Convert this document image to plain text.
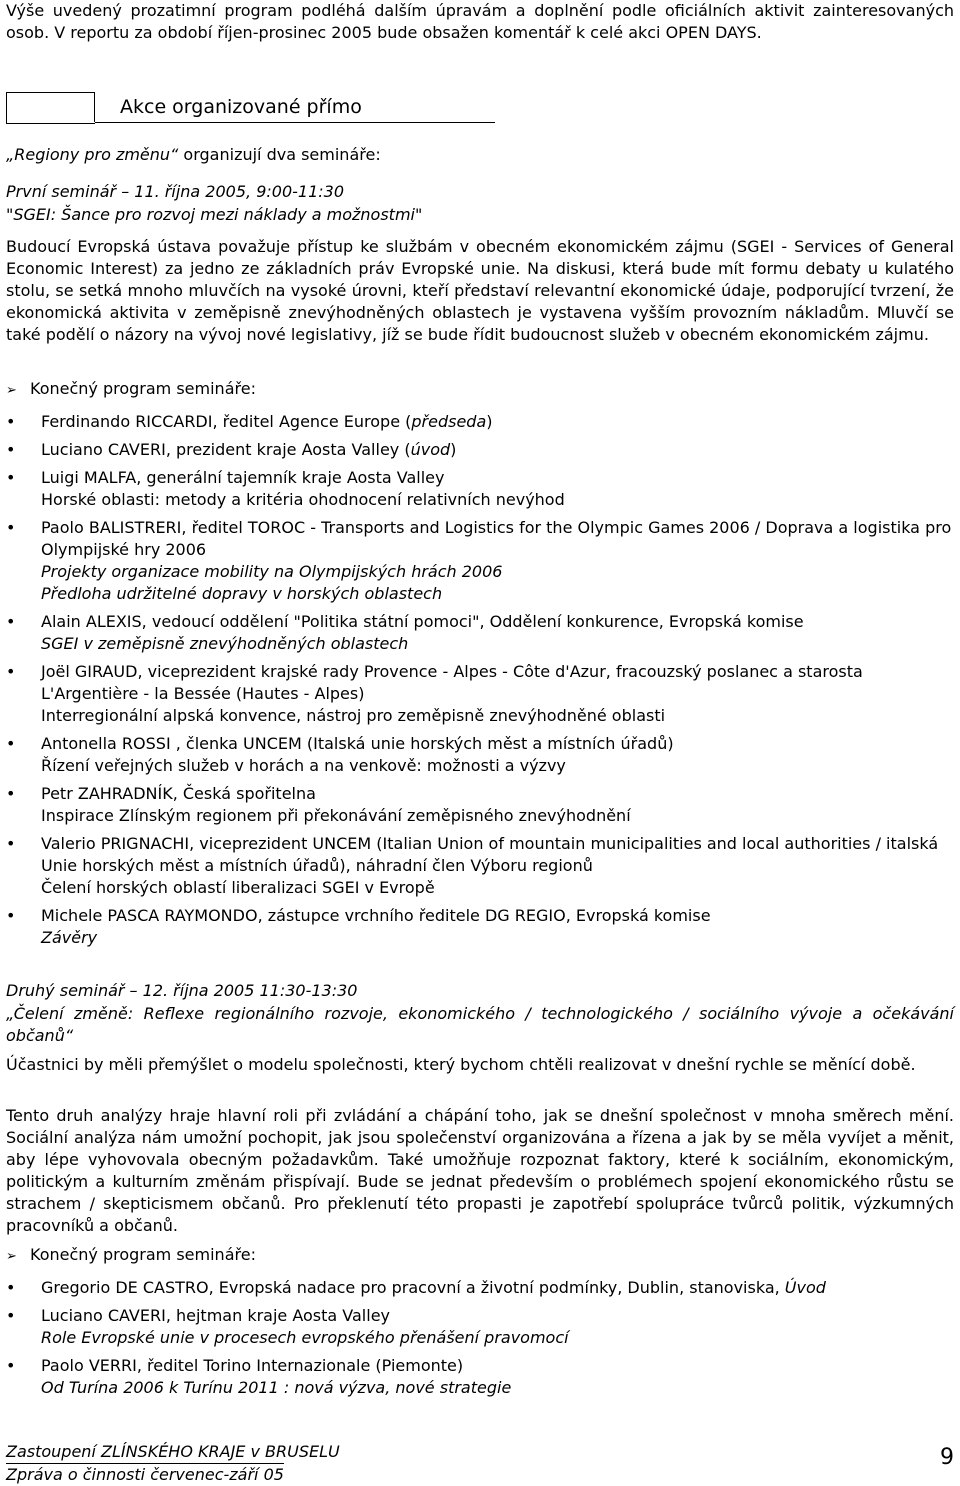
Výše uvedený prozatimní program podléhá dalším úpravám a doplnění podle oficiálních aktivit zainteresovaných osob. V reportu za období říjen-prosinec 2005 bude obsažen komentář k celé akci OPEN DAYS.

Akce organizované přímo

„Regiony pro změnu“ organizují dva semináře:

První seminář – 11. října 2005, 9:00-11:30

"SGEI: Šance pro rozvoj mezi náklady a možnostmi"

Budoucí Evropská ústava považuje přístup ke službám v obecném ekonomickém zájmu (SGEI - Services of General Economic Interest) za jedno ze základních práv Evropské unie. Na diskusi, která bude mít formu debaty u kulatého stolu, se setká mnoho mluvčích na vysoké úrovni, kteří představí relevantní ekonomické údaje, podporující tvrzení, že ekonomická aktivita v zeměpisně znevýhodněných oblastech je vystavena vyšším provozním nákladům. Mluvčí se také podělí o názory na vývoj nové legislativy, jíž se bude řídit budoucnost služeb v obecném ekonomickém zájmu.

➢ Konečný program semináře:

• Ferdinando RICCARDI, ředitel Agence Europe (předseda)
• Luciano CAVERI, prezident kraje Aosta Valley (úvod)
• Luigi MALFA, generální tajemník kraje Aosta Valley
Horské oblasti: metody a kritéria ohodnocení relativních nevýhod
• Paolo BALISTRERI, ředitel TOROC - Transports and Logistics for the Olympic Games 2006 / Doprava a logistika pro Olympijské hry 2006
Projekty organizace mobility na Olympijských hrách 2006
Předloha udržitelné dopravy v horských oblastech
• Alain ALEXIS, vedoucí oddělení "Politika státní pomoci", Oddělení konkurence, Evropská komise
SGEI v zeměpisně znevýhodněných oblastech
• Joël GIRAUD, viceprezident krajské rady Provence - Alpes - Côte d'Azur, fracouzský poslanec a starosta L'Argentière - la Bessée (Hautes - Alpes)
Interregionální alpská konvence, nástroj pro zeměpisně znevýhodněné oblasti
• Antonella ROSSI , členka UNCEM (Italská unie horských měst a místních úřadů)
Řízení veřejných služeb v horách a na venkově: možnosti a výzvy
• Petr ZAHRADNÍK, Česká spořitelna
Inspirace Zlínským regionem při překonávání zeměpisného znevýhodnění
• Valerio PRIGNACHI, viceprezident UNCEM (Italian Union of mountain municipalities and local authorities / italská Unie horských měst a místních úřadů), náhradní člen Výboru regionů
Čelení horských oblastí liberalizaci SGEI v Evropě
• Michele PASCA RAYMONDO, zástupce vrchního ředitele DG REGIO, Evropská komise
Závěry

Druhý seminář – 12. října 2005 11:30-13:30

„Čelení změně: Reflexe regionálního rozvoje, ekonomického / technologického / sociálního vývoje a očekávání občanů“

Účastnici by měli přemýšlet o modelu společnosti, který bychom chtěli realizovat v dnešní rychle se měnící době.

Tento druh analýzy hraje hlavní roli při zvládání a chápání toho, jak se dnešní společnost v mnoha směrech mění. Sociální analýza nám umožní pochopit, jak jsou společenství organizována a řízena a jak by se měla vyvíjet a měnit, aby lépe vyhovovala obecným požadavkům. Také umožňuje rozpoznat faktory, které k sociálním, ekonomickým, politickým a kulturním změnám přispívají. Bude se jednat především o problémech spojení ekonomického růstu se strachem / skepticismem občanů. Pro překlenutí této propasti je zapotřebí spolupráce tvůrců politik, výzkumných pracovníků a občanů.

➢ Konečný program semináře:

• Gregorio DE CASTRO, Evropská nadace pro pracovní a životní podmínky, Dublin, stanoviska, Úvod
• Luciano CAVERI, hejtman kraje Aosta Valley
Role Evropské unie v procesech evropského přenášení pravomocí
• Paolo VERRI, ředitel Torino Internazionale (Piemonte)
Od Turína 2006 k Turínu 2011 : nová výzva, nové strategie
Zastoupení ZLÍNSKÉHO KRAJE v BRUSELU
Zpráva o činnosti červenec-září 05
9
